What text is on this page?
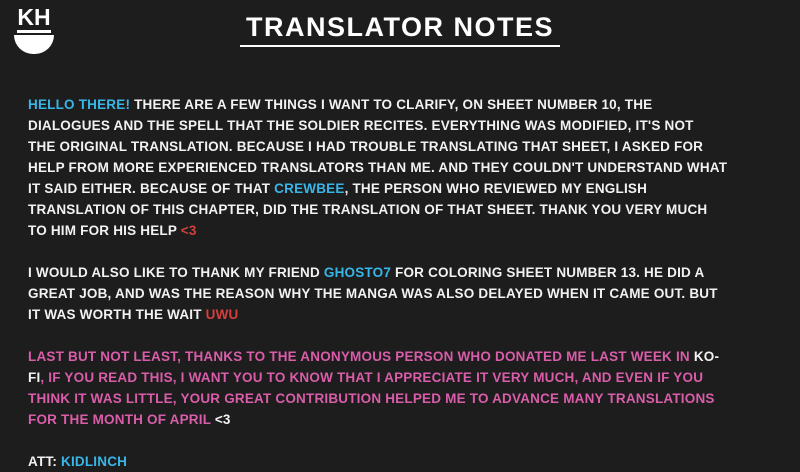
KH	TRANSLATOR NOTES
HELLO THERE! THERE ARE A FEW THINGS I WANT TO CLARIFY, ON SHEET NUMBER 10, THE
DIALOGUES AND THE SPELL THAT THE SOLDIER RECITES. EVERYTHING WAS MODIFIED, IT'S NOT
THE ORIGINAL TRANSLATION. BECAUSE I HAD TROUBLE TRANSLATING THAT SHEET, I ASKED FOR
HELP FROM MORE EXPERIENCED TRANSLATORS THAN ME. AND THEY COULDN'T UNDERSTAND WHAT
IT SAID EITHER. BECAUSE OF THAT CREWBEE, THE PERSON WHO REVIEWED MY ENGLISH
TRANSLATION OF THIS CHAPTER, DID THE TRANSLATION OF THAT SHEET. THANK YOU VERY MUCH
TO HIM FOR HIS HELP <3
I WOULD ALSO LIKE TO THANK MY FRIEND GHOSTO7 FOR COLORING SHEET NUMBER 13. HE DID A
GREAT JOB, AND WAS THE REASON WHY THE MANGA WAS ALSO DELAYED WHEN IT CAME OUT. BUT
IT WAS WORTH THE WAIT UWU
LAST BUT NOT LEAST, THANKS TO THE ANONYMOUS PERSON WHO DONATED ME LAST WEEK IN KO-
FI, IF YOU READ THIS, I WANT YOU TO KNOW THAT I APPRECIATE IT VERY MUCH, AND EVEN IF YOU
THINK IT WAS LITTLE, YOUR GREAT CONTRIBUTION HELPED ME TO ADVANCE MANY TRANSLATIONS
FOR THE MONTH OF APRIL <3
ATT: KIDLINCH
